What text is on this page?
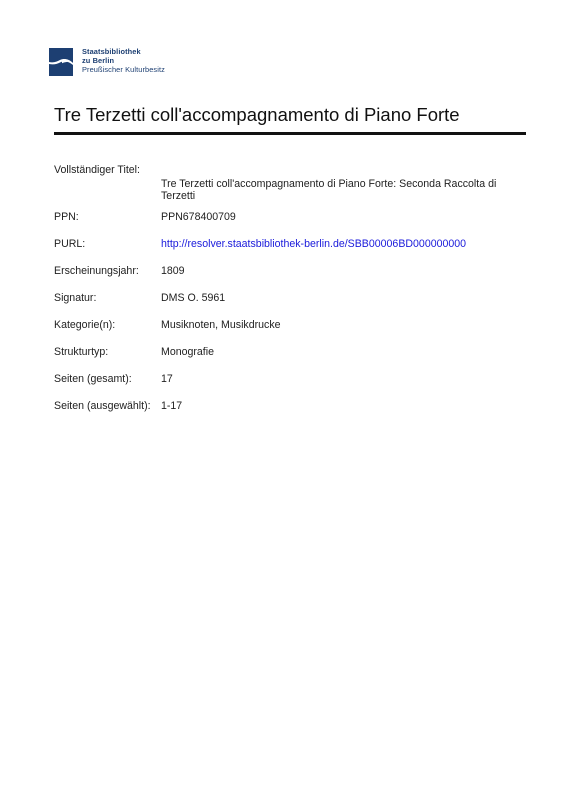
Staatsbibliothek
zu Berlin
Preußischer Kulturbesitz
Tre Terzetti coll'accompagnamento di Piano Forte
Vollständiger Titel:
Tre Terzetti coll'accompagnamento di Piano Forte: Seconda Raccolta di Terzetti
PPN:	PPN678400709
PURL:	http://resolver.staatsbibliothek-berlin.de/SBB00006BD000000000
Erscheinungsjahr:	1809
Signatur:	DMS O. 5961
Kategorie(n):	Musiknoten, Musikdrucke
Strukturtyp:	Monografie
Seiten (gesamt):	17
Seiten (ausgewählt): 1-17
